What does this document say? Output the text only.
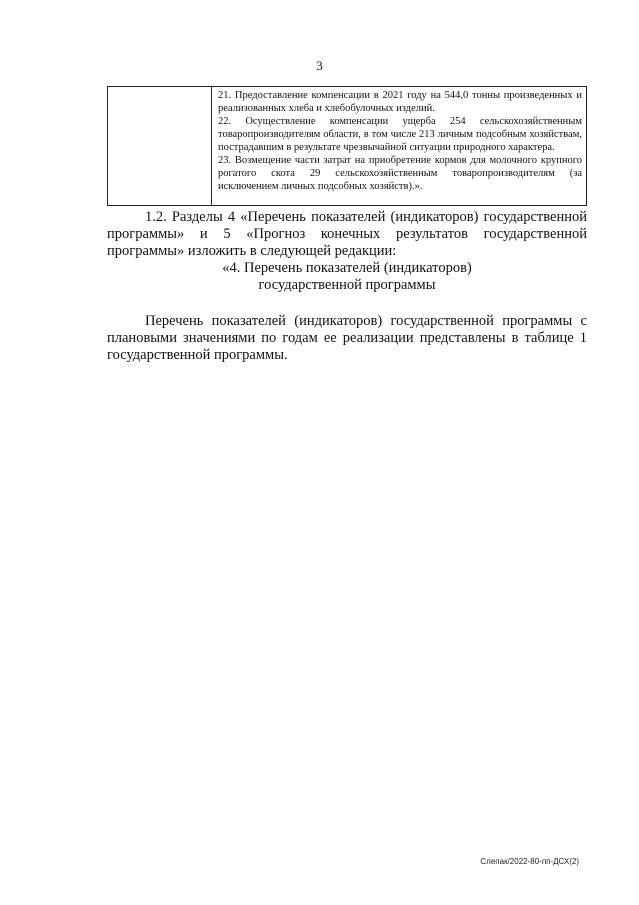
3

21. Предоставление компенсации в 2021 году на 544,0 тонны произведенных и реализованных хлеба и хлебобулочных изделий.

22. Осуществление компенсации ущерба 254 сельскохозяйственным товаропроизводителям области, в том числе 213 личным подсобным хозяйствам, пострадавшим в результате чрезвычайной ситуации природного характера.

23. Возмещение части затрат на приобретение кормов для молочного крупного рогатого скота 29 сельскохозяйственным товаропроизводителям (за исключением личных подсобных хозяйств).».

1.2. Разделы 4 «Перечень показателей (индикаторов) государственной программы» и 5 «Прогноз конечных результатов государственной программы» изложить в следующей редакции:

«4. Перечень показателей (индикаторов)
государственной программы

Перечень показателей (индикаторов) государственной программы с плановыми значениями по годам ее реализации представлены в таблице 1 государственной программы.

Слепак/2022-80-пп-ДСХ(2)
